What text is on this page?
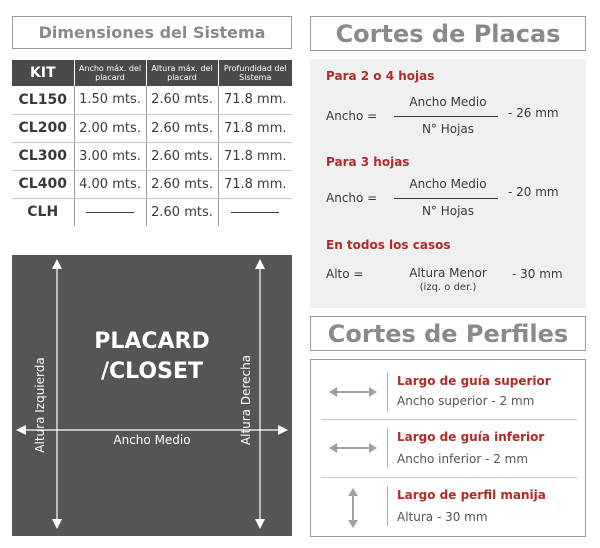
Dimensiones del Sistema
KIT	Ancho máx. del placard	Altura máx. del placard	Profundidad del Sistema
CL150	1.50 mts.	2.60 mts.	71.8 mm.
CL200	2.00 mts.	2.60 mts.	71.8 mm.
CL300	3.00 mts.	2.60 mts.	71.8 mm.
CL400	4.00 mts.	2.60 mts.	71.8 mm.
CLH		2.60 mts.	
PLACARD
/CLOSET
Altura Izquierda	Altura Derecha
Ancho Medio
Cortes de Placas
Para 2 o 4 hojas
Ancho =
Ancho Medio
N° Hojas
- 26 mm
Para 3 hojas
Ancho =
Ancho Medio
N° Hojas
- 20 mm
En todos los casos
Alto =	Altura Menor
(izq. o der.)
- 30 mm
Cortes de Perfiles
Largo de guía superior
Ancho superior - 2 mm
Largo de guía inferior
Ancho inferior - 2 mm
Largo de perfil manija
Altura - 30 mm
